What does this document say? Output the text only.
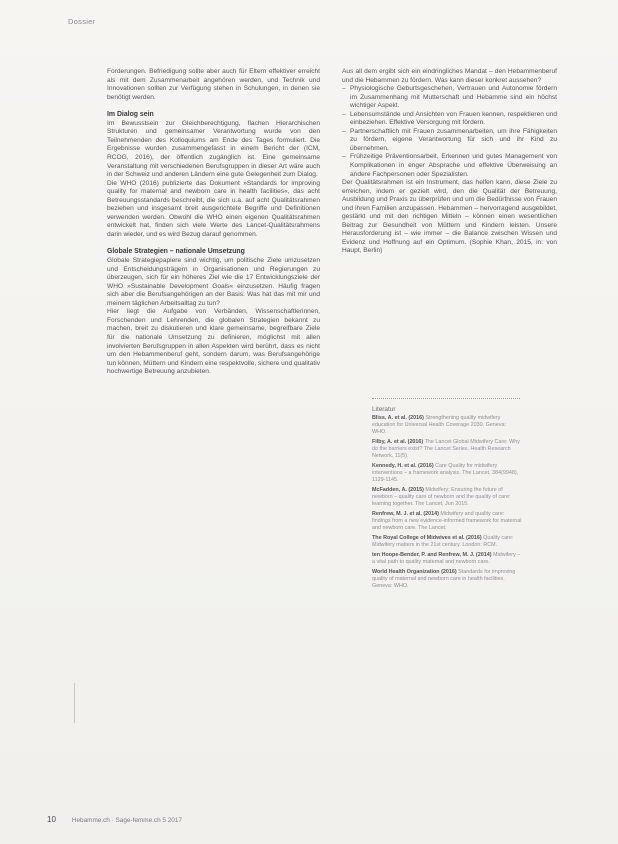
Dossier

Forderungen. Befriedigung sollte aber auch für Eltern effektiver erreicht als mit dem Zusammenarbeit angehören werden, und Technik und Innovationen sollten zur Verfügung stehen in Schulungen, in denen sie benötigt werden.

Im Dialog sein

Im Bewusstsein zur Gleichberechtigung, flachen Hierarchischen Strukturen und gemeinsamer Verantwortung wurde von den Teilnehmenden des Kolloquiums am Ende des Tages formuliert. Die Ergebnisse wurden zusammengefasst in einem Bericht der (ICM, RCOG, 2016), der öffentlich zugänglich ist. Eine gemeinsame Veranstaltung mit verschiedenen Berufsgruppen in dieser Art wäre auch in der Schweiz und anderen Ländern eine gute Gelegenheit zum Dialog.
Die WHO (2016) publizierte das Dokument »Standards for improving quality for maternal and newborn care in health facilities«, das acht Betreuungsstandards beschreibt, die sich u.a. auf acht Qualitätsrahmen beziehen und insgesamt breit ausgerichtete Begriffe und Definitionen verwenden werden. Obwohl die WHO einen eigenen Qualitätsrahmen entwickelt hat, finden sich viele Werte des Lancet-Qualitätsrahmens darin wieder, und es wird Bezug darauf genommen.

Globale Strategien – nationale Umsetzung

Globale Strategiepapiere sind wichtig, um politische Ziele umzusetzen und Entscheidungsträgern in Organisationen und Regierungen zu überzeugen, sich für ein höheres Ziel wie die 17 Entwicklungsziele der WHO »Sustainable Development Goals« einzusetzen. Häufig fragen sich aber die Berufsangehörigen an der Basis: Was hat das mit mir und meinem täglichen Arbeitsalltag zu tun?
Hier liegt die Aufgabe von Verbänden, Wissenschaftlerinnen, Forschenden und Lehrenden, die globalen Strategien bekannt zu machen, breit zu diskutieren und klare gemeinsame, begreifbare Ziele für die nationale Umsetzung zu definieren, möglichst mit allen involvierten Berufsgruppen in allen Aspekten wird berührt, dass es nicht um den Hebammenberuf geht, sondern darum, was Berufsangehörige tun können, Müttern und Kindern eine respektvolle, sichere und qualitativ hochwertige Betreuung anzubieten.

Aus all dem ergibt sich ein eindringliches Mandat – den Hebammenberuf und die Hebammen zu fördern. Was kann dieser konkret aussehen?

– Physiologische Geburtsgeschehen, Vertrauen und Autonomie fördern im Zusammenhang mit Mutterschaft und Hebamme sind ein höchst wichtiger Aspekt.
– Lebensumstände und Ansichten von Frauen kennen, respektieren und einbeziehen. Effektive Versorgung mit fördern.
– Partnerschaftlich mit Frauen zusammenarbeiten, um ihre Fähigkeiten zu fördern, eigene Verantwortung für sich und ihr Kind zu übernehmen.
– Frühzeitige Präventionsarbeit, Erkennen und gutes Management von Komplikationen in enger Absprache und effektive Überweisung an andere Fachpersonen oder Spezialisten.

Der Qualitätsrahmen ist ein Instrument, das helfen kann, diese Ziele zu erreichen, indem er gezielt wird, den die Qualität der Betreuung, Ausbildung und Praxis zu überprüfen und um die Bedürfnisse von Frauen und ihren Familien anzupassen. Hebammen – hervorragend ausgebildet, gestärkt und mit den richtigen Mitteln – können einen wesentlichen Beitrag zur Gesundheit von Müttern und Kindern leisten. Unsere Herausforderung ist – wie immer – die Balance zwischen Wissen und Evidenz und Hoffnung auf ein Optimum. (Sophie Khan, 2015, in: von Haupt, Berlin)

Literatur

Bliss, A. et al. (2016) Strengthening quality midwifery education for Universal Health Coverage 2030. Geneva: WHO.

Filby, A. et al. (2016) The Lancet Global Midwifery Care: Why do the barriers exist? The Lancet Series. Health Research Network, 11(5).

Kennedy, H. et al. (2016) Care Quality for midwifery interventions – a framework analysis. The Lancet, 384(9948), 1129-1145.

McFadden, A. (2015) Midwifery: Ensuring the future of newborn – quality care of newborn and the quality of care: learning together. The Lancet, Jun 2015.

Renfrew, M. J. et al. (2014) Midwifery and quality care: findings from a new evidence-informed framework for maternal and newborn care. The Lancet.

The Royal College of Midwives et al. (2016) Quality care: Midwifery matters in the 21st century. London: RCM.

ten Hoope-Bender, P. and Renfrew, M. J. (2014) Midwifery – a vital path to quality maternal and newborn care.

World Health Organization (2016) Standards for improving quality of maternal and newborn care in health facilities. Geneva: WHO.

10 Hebamme.ch · Sage-femme.ch 5 2017
